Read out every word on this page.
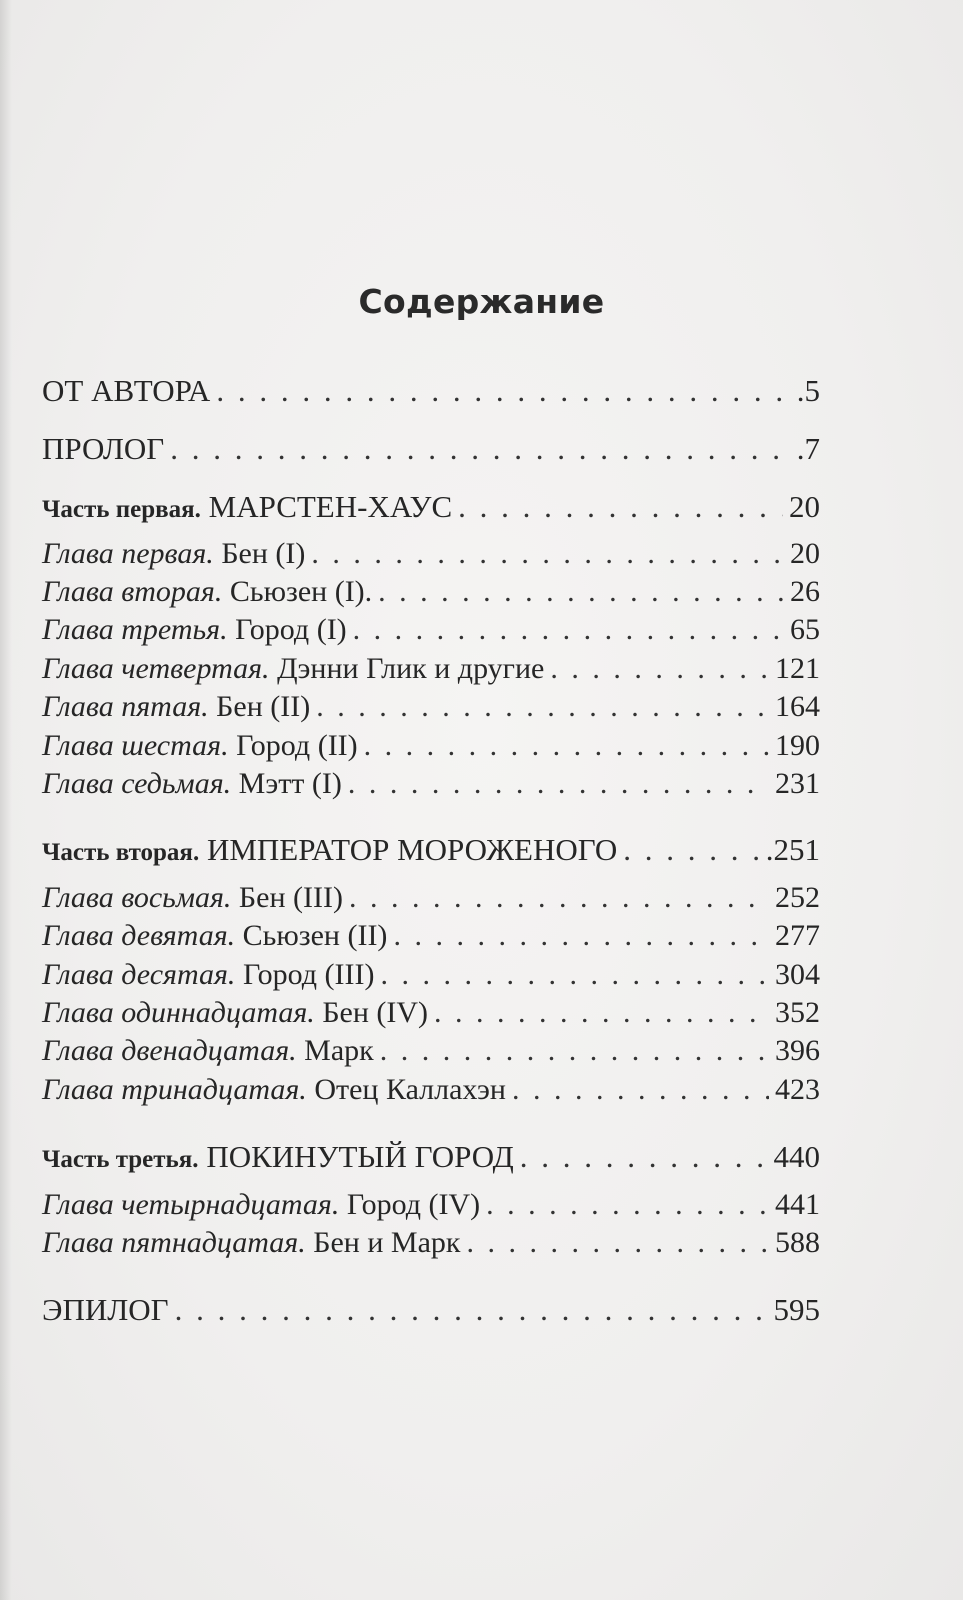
Содержание
ОТ АВТОРА . . .	.5
ПРОЛОГ . . .	.7
Часть первая. МАРСТЕН-ХАУС . . .	20
Глава первая. Бен (I) . . .	20
Глава вторая. Сьюзен (I). . . .	26
Глава третья. Город (I) . . .	65
Глава четвертая. Дэнни Глик и другие . . .	121
Глава пятая. Бен (II) . . .	164
Глава шестая. Город (II) . . .	190
Глава седьмая. Мэтт (I) . . .	231
Часть вторая. ИМПЕРАТОР МОРОЖЕНОГО . . .	.251
Глава восьмая. Бен (III) . . .	252
Глава девятая. Сьюзен (II) . . .	277
Глава десятая. Город (III) . . .	304
Глава одиннадцатая. Бен (IV) . . .	352
Глава двенадцатая. Марк . . .	396
Глава тринадцатая. Отец Каллахэн . . .	423
Часть третья. ПОКИНУТЫЙ ГОРОД . . .	440
Глава четырнадцатая. Город (IV) . . .	441
Глава пятнадцатая. Бен и Марк . . .	588
ЭПИЛОГ . . .	595
